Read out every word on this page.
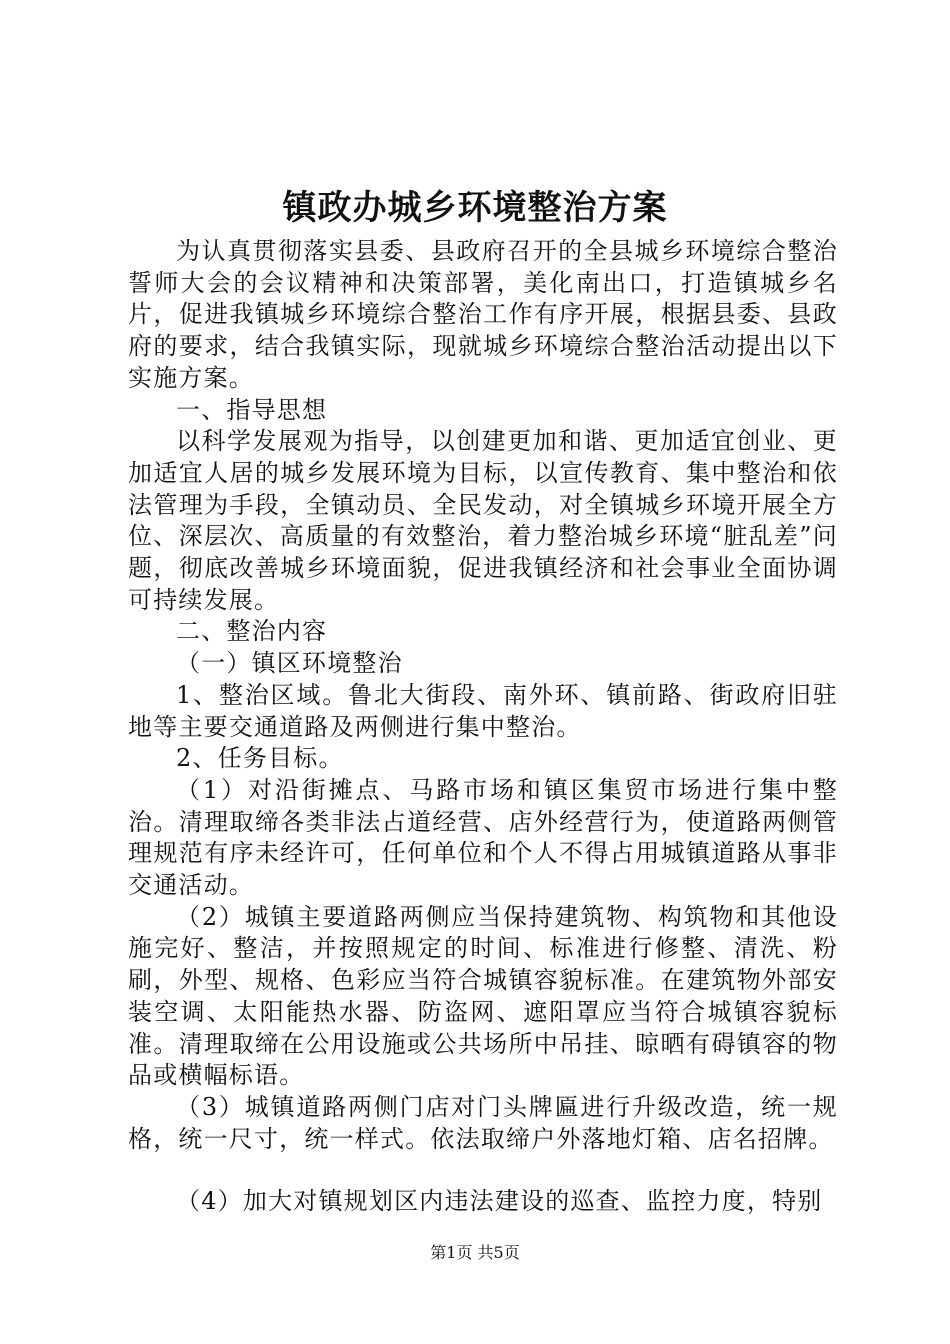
镇政办城乡环境整治方案

为认真贯彻落实县委、县政府召开的全县城乡环境综合整治誓师大会的会议精神和决策部署，美化南出口，打造镇城乡名片，促进我镇城乡环境综合整治工作有序开展，根据县委、县政府的要求，结合我镇实际，现就城乡环境综合整治活动提出以下实施方案。

一、指导思想

以科学发展观为指导，以创建更加和谐、更加适宜创业、更加适宜人居的城乡发展环境为目标，以宣传教育、集中整治和依法管理为手段，全镇动员、全民发动，对全镇城乡环境开展全方位、深层次、高质量的有效整治，着力整治城乡环境“脏乱差”问题，彻底改善城乡环境面貌，促进我镇经济和社会事业全面协调可持续发展。

二、整治内容

（一）镇区环境整治

1、整治区域。鲁北大街段、南外环、镇前路、街政府旧驻地等主要交通道路及两侧进行集中整治。

2、任务目标。

（1）对沿街摊点、马路市场和镇区集贸市场进行集中整治。清理取缔各类非法占道经营、店外经营行为，使道路两侧管理规范有序未经许可，任何单位和个人不得占用城镇道路从事非交通活动。

（2）城镇主要道路两侧应当保持建筑物、构筑物和其他设施完好、整洁，并按照规定的时间、标准进行修整、清洗、粉刷，外型、规格、色彩应当符合城镇容貌标准。在建筑物外部安装空调、太阳能热水器、防盗网、遮阳罩应当符合城镇容貌标准。清理取缔在公用设施或公共场所中吊挂、晾晒有碍镇容的物品或横幅标语。

（3）城镇道路两侧门店对门头牌匾进行升级改造，统一规格，统一尺寸，统一样式。依法取缔户外落地灯箱、店名招牌。

（4）加大对镇规划区内违法建设的巡查、监控力度，特别

第1页 共5页
